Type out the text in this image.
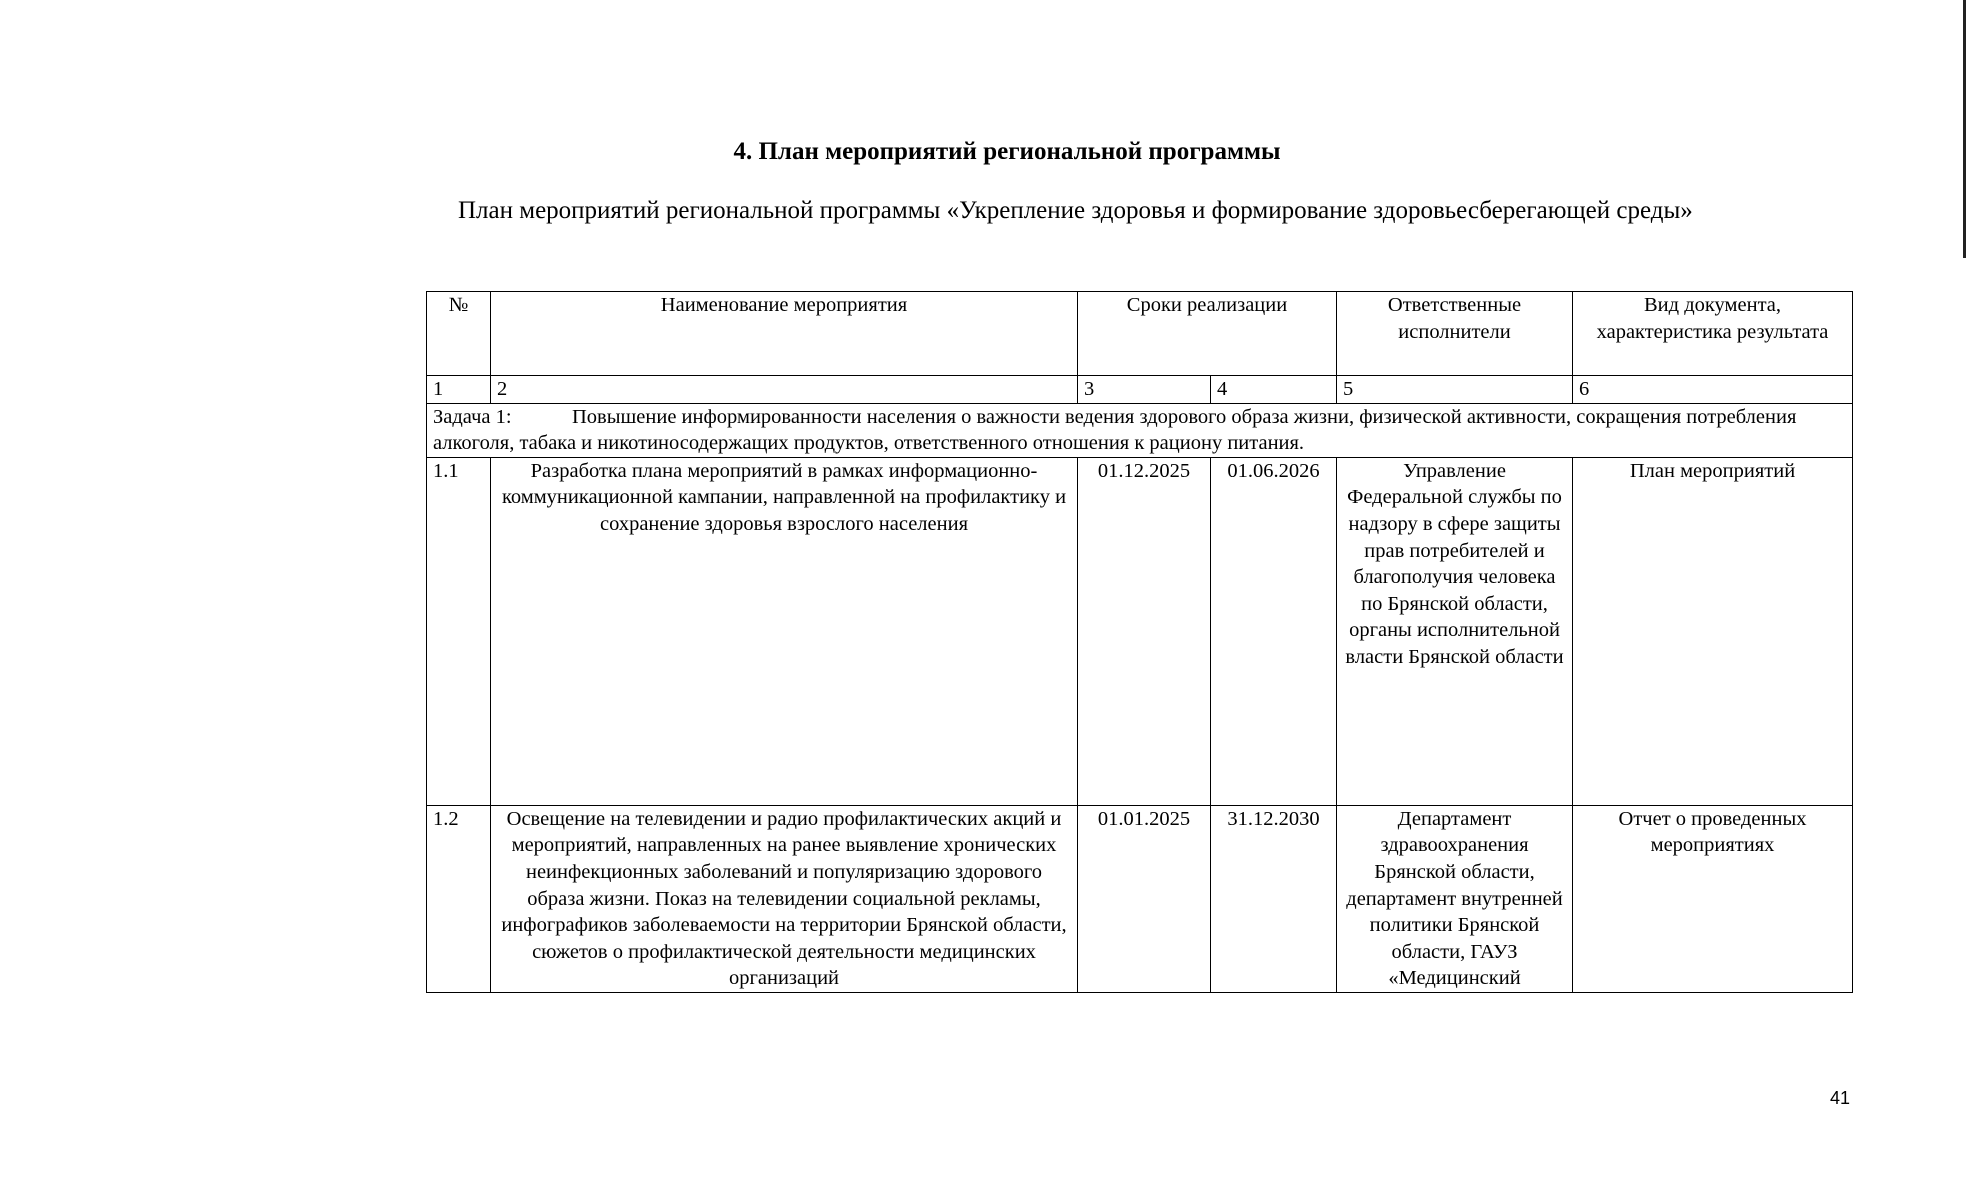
4. План мероприятий региональной программы
План мероприятий региональной программы «Укрепление здоровья и формирование здоровьесберегающей среды»
№	Наименование мероприятия	Сроки реализации		Ответственные исполнители	Вид документа, характеристика результата
1	2	3	4	5	6
Задача 1: Повышение информированности населения о важности ведения здорового образа жизни, физической активности, сокращения потребления алкоголя, табака и никотиносодержащих продуктов, ответственного отношения к рациону питания.					
1.1	Разработка плана мероприятий в рамках информационно-коммуникационной кампании, направленной на профилактику и сохранение здоровья взрослого населения	01.12.2025	01.06.2026	Управление Федеральной службы по надзору в сфере защиты прав потребителей и благополучия человека по Брянской области, органы исполнительной власти Брянской области	План мероприятий
1.2	Освещение на телевидении и радио профилактических акций и мероприятий, направленных на ранее выявление хронических неинфекционных заболеваний и популяризацию здорового образа жизни. Показ на телевидении социальной рекламы, инфографиков заболеваемости на территории Брянской области, сюжетов о профилактической деятельности медицинских организаций	01.01.2025	31.12.2030	Департамент здравоохранения Брянской области, департамент внутренней политики Брянской области, ГАУЗ «Медицинский	Отчет о проведенных мероприятиях
41
